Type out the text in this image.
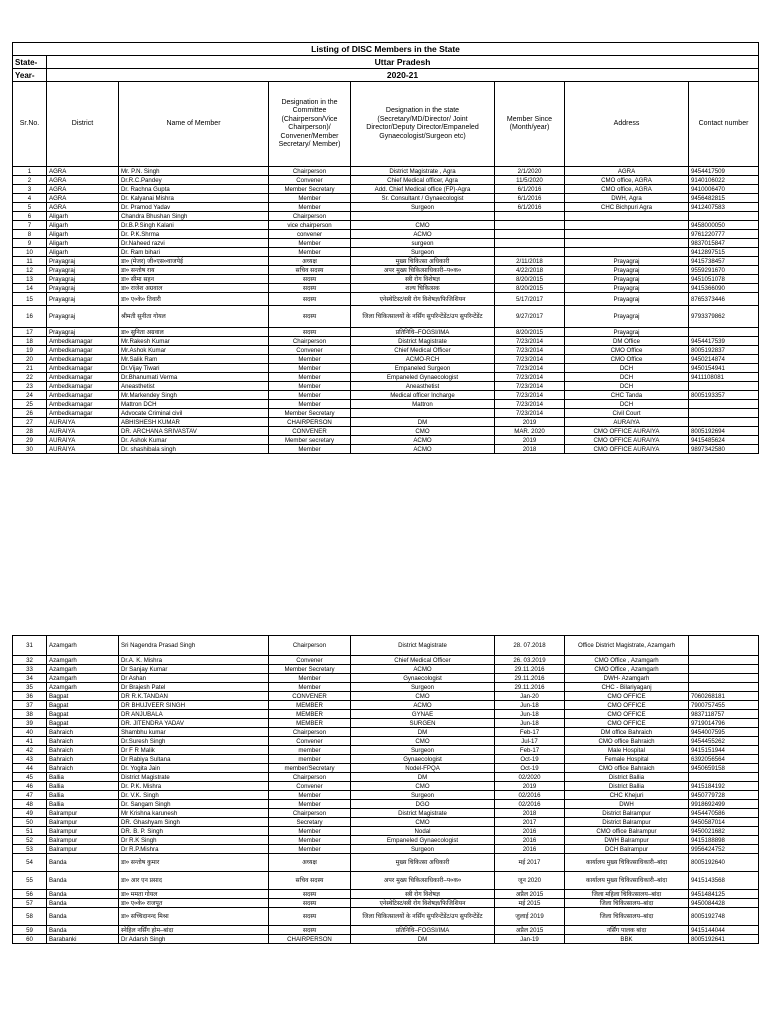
Listing of DISC Members in the State							
State-	Uttar Pradesh						
Year-	2020-21						
Sr.No.	District	Name of Member	Designation in the Committee (Chairperson/Vice Chairperson)/ Convener/Member Secretary/ Member)	Designation in the state (Secretary/MD/Director/ Joint Director/Deputy Director/Empaneled Gynaecologist/Surgeon etc)	Member Since (Month/year)	Address	Contact number
1	AGRA	Mr. P.N. Singh	Chairperson	District Magistrate , Agra	2/1/2020	AGRA	9454417509
2	AGRA	Dr.R.C.Pandey	Convener	Chief Medical officer, Agra	11/5/2020	CMO office, AGRA	9140106022
3	AGRA	Dr. Rachna Gupta	Member Secretary	Add. Chief Medical office (FP)-Agra	6/1/2016	CMO office, AGRA	9410006470
4	AGRA	Dr. Kalyanai Mishra	Member	Sr. Consultant / Gynaecologist	6/1/2016	DWH, Agra	9456482815
5	AGRA	Dr. Pramod Yadav	Member	Surgeon	6/1/2016	CHC Bichpuri Agra	9412407583
6	Aligarh	Chandra Bhushan Singh	Chairperson				
7	Aligarh	Dr.B.P.Singh Kalani	vice chairperson	CMO			9458000050
8	Aligarh	Dr. P.K.Shrma	convener	ACMO			9761220777
9	Aligarh	Dr.Naheed razvi	Member	surgeon			9837015847
10	Aligarh	Dr. Ram bihari	Member	Surgeon			9412897515
11	Prayagraj	डा० (मेजर) जी०एस०वाजपेई	अध्यक्ष	मुख्य चिकित्सा अधिकारी	2/11/2018	Prayagraj	9415738457
12	Prayagraj	डा० सन्तोष राय	सचिव सदस्य	अपर मुख्य चिकित्साधिकारी–प०क०	4/22/2018	Prayagraj	9559291670
13	Prayagraj	डा० सीमा सहन	सदस्य	स्त्री रोग विशेषज्ञ	8/20/2015	Prayagraj	9451051078
14	Prayagraj	डा० राजेश अग्रवाल	सदस्य	शल्य चिकित्सक	8/20/2015	Prayagraj	9415366090
15	Prayagraj	डा० ए०के० तिवारी	सदस्य	एनेस्थेटिस्ट/स्त्री रोग विशेषज्ञ/फिजिशियन	5/17/2017	Prayagraj	8765373446
16	Prayagraj	श्रीमती सुनीता गोयल	सदस्य	जिला चिकित्सालयों के नर्सिंग सुपरिन्टेंडेंट/उप सुपरिन्टेंडेंट	9/27/2017	Prayagraj	9793379862
17	Prayagraj	डा० सुनिता अग्रवाल	सदस्य	प्रतिनिधि–FOGSI/IMA	8/20/2015	Prayagraj	
18	Ambedkarnagar	Mr.Rakesh Kumar	Chairperson	District Magistrate	7/23/2014	DM Office	9454417539
19	Ambedkarnagar	Mr.Ashok Kumar	Convener	Chief Medical Officer	7/23/2014	CMO Office	8005192837
20	Ambedkarnagar	Mr.Salik Ram	Member	ACMO-RCH	7/23/2014	CMO Office	9450214874
21	Ambedkarnagar	Dr.Vijay Tiwari	Member	Empaneled Surgeon	7/23/2014	DCH	9450154941
22	Ambedkarnagar	Dr.Bhanumati Verma	Member	Empaneled Gynaecologist	7/23/2014	DCH	9411108081
23	Ambedkarnagar	Aneasthetist	Member	Aneasthetist	7/23/2014	DCH	
24	Ambedkarnagar	Mr.Markendey Singh	Member	Medical officer Incharge	7/23/2014	CHC Tanda	8005193357
25	Ambedkarnagar	Mattron DCH	Member	Mattron	7/23/2014	DCH	
26	Ambedkarnagar	Advocate Criminal civil	Member Secretary		7/23/2014	Civil Court	
27	AURAIYA	ABHISHESH KUMAR	CHAIRPERSON	DM	2019	AURAIYA	
28	AURAIYA	DR. ARCHANA SRIVASTAV	CONVENER	CMO	MAR. 2020	CMO OFFICE AURAIYA	8005192694
29	AURAIYA	Dr. Ashok Kumar	Member secretary	ACMO	2019	CMO OFFICE AURAIYA	9415485624
30	AURAIYA	Dr. shashibala singh	Member	ACMO	2018	CMO OFFICE AURAIYA	9897342580
31	Azamgarh	Sri Nagendra Prasad Singh	Chairperson	District Magistrate	28. 07.2018	Office District Magistrate, Azamgarh	
32	Azamgarh	Dr.A. K. Mishra	Convener	Chief Medical Officer	26. 03.2019	CMO Office , Azamgarh	
33	Azamgarh	Dr Sanjay Kumar	Member Secretary	ACMO	29.11.2016	CMO Office , Azamgarh	
34	Azamgarh	Dr Ashan	Member	Gynaecologist	29.11.2016	DWH- Azamgarh	
35	Azamgarh	Dr Brajesh Patel	Member	Surgeon	29.11.2016	CHC - Bilariyaganj	
36	Bagpat	DR R.K.TANDAN	CONVENER	CMO	Jan-20	CMO OFFICE	7060268181
37	Bagpat	DR BHUJVEER SINGH	MEMBER	ACMO	Jun-18	CMO OFFICE	7900757455
38	Bagpat	DR ANJUBALA	MEMBER	GYNAE	Jun-18	CMO OFFICE	9837118757
39	Bagpat	DR. JITENDRA YADAV	MEMBER	SURGEN	Jun-18	CMO OFFICE	9719014796
40	Bahraich	Shambhu kumar	Chairperson	DM	Feb-17	DM office Bahraich	9454007595
41	Bahraich	Dr.Suresh Singh	Convener	CMO	Jul-17	CMO office Bahraich	9454455262
42	Bahraich	Dr F R Malik	member	Surgeon	Feb-17	Male Hospital	9415151944
43	Bahraich	Dr Rabiya Sultana	member	Gynaecologist	Oct-19	Female Hospital	6392056564
44	Bahraich	Dr. Yogita Jain	member/Secretary	Nodel-FPQA	Oct-19	CMO office Bahraich	9450659158
45	Ballia	District Magistrate	Chairperson	DM	02/2020	District Ballia	
46	Ballia	Dr. P.K. Mishra	Convener	CMO	2019	District Ballia	9415184192
47	Ballia	Dr. V.K. Singh	Member	Surgeon	02/2016	CHC Khejuri	9450779728
48	Ballia	Dr. Sangam Singh	Member	DGO	02/2016	DWH	9918692499
49	Balrampur	Mr Krishna karunesh	Chairperson	District Magistrate	2018	District Balrampur	9454470586
50	Balrampur	DR. Ghashyam Singh	Secretary	CMO	2017	District Balrampur	9450587014
51	Balrampur	DR. B. P. Singh	Member	Nodal	2016	CMO office Balrampur	9450021682
52	Balrampur	Dr R.K Singh	Member	Empaneled Gynaecologist	2016	DWH Balrampur	9415188898
53	Balrampur	Dr R.P.Mishra	Member	Surgeon	2016	DCH Balrampur	9956424752
54	Banda	डा० सन्तोष कुमार	अध्यक्ष	मुख्य चिकित्सा अधिकारी	मई 2017	कार्यालय मुख्य चिकित्साधिकारी–बांदा	8005192640
55	Banda	डा० आर एन प्रसाद	सचिव सदस्य	अपर मुख्य चिकित्साधिकारी–प०क०	जून 2020	कार्यालय मुख्य चिकित्साधिकारी–बांदा	9415143568
56	Banda	डा० ममता गोयल	सदस्य	स्त्री रोग विशेषज्ञ	अप्रैल 2015	जिला महिला चिकित्सालय–बांदा	9451484125
57	Banda	डा० ए०के० राजपूत	सदस्य	एनेस्थेटिस्ट/स्त्री रोग विशेषज्ञ/फिजिशियन	मई 2015	जिला चिकित्सालय–बांदा	9450084428
58	Banda	डा० सच्चिदानन्द मिश्रा	सदस्य	जिला चिकित्सालयों के नर्सिंग सुपरिन्टेंडेंट/उप सुपरिन्टेंडेंट	जुलाई 2019	जिला चिकित्सालय–बांदा	8005192748
59	Banda	स्नेहिल नर्सिंग होम–बांदा	सदस्य	प्रतिनिधि–FOGSI/IMA	अप्रैल 2015	नर्सिंग पालक बांदा	9415144044
60	Barabanki	Dr Adarsh Singh	CHAIRPERSON	DM	Jan-19	BBK	8005192641
